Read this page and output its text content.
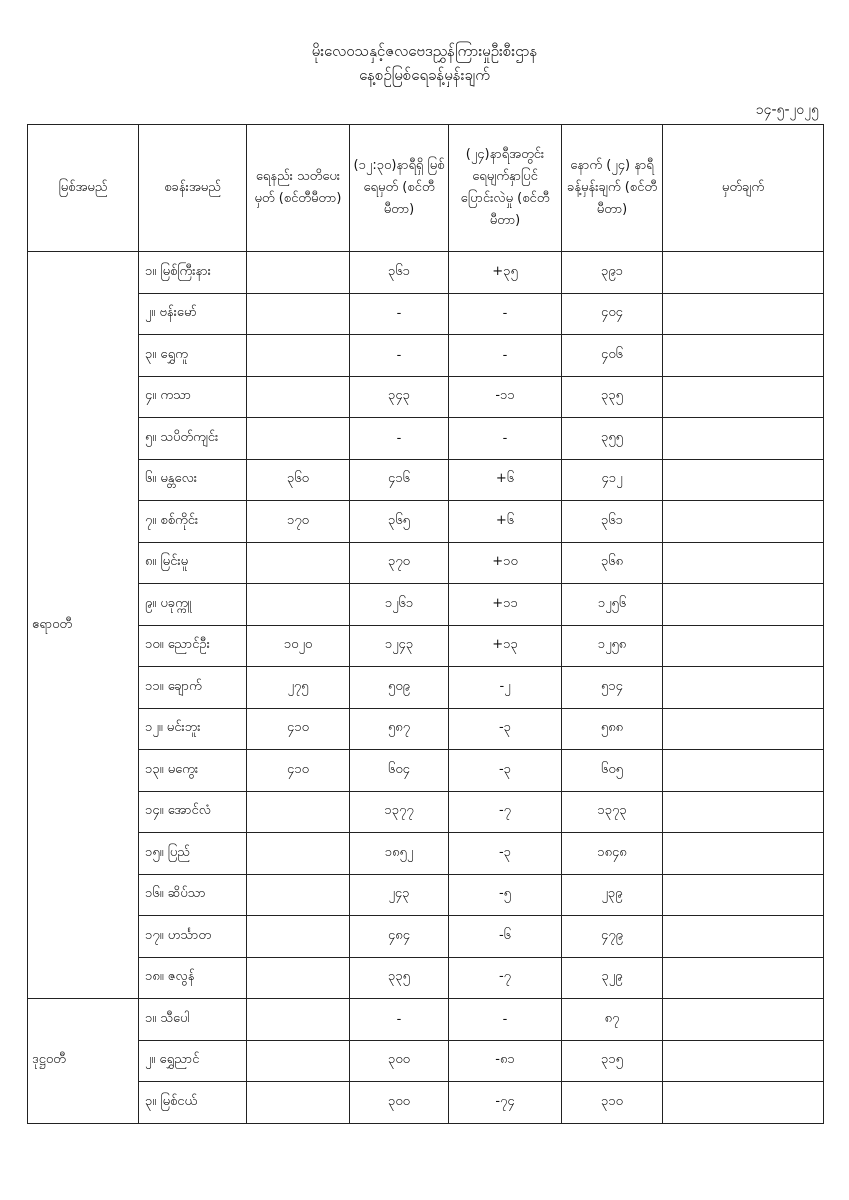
မိုးလေဝသနှင့်ဇလဗေဒညွှန်ကြားမှုဦးစီးဌာန
နေ့စဉ်မြစ်ရေခန့်မှန်းချက်
၁၄-၅-၂၀၂၅
မြစ်အမည်	စခန်းအမည်	ရေနည်း သတိပေးမှတ် (စင်တီမီတာ)	(၁၂:၃၀)နာရီရှိ မြစ်ရေမှတ် (စင်တီမီတာ)	(၂၄)နာရီအတွင်း ရေမျက်နှာပြင် ပြောင်းလဲမှု (စင်တီမီတာ)	နောက် (၂၄) နာရီ ခန့်မှန်းချက် (စင်တီမီတာ)	မှတ်ချက်
ဧရာဝတီ	၁။ မြစ်ကြီးနား		၃၆၁	+၃၅	၃၉၁	
	၂။ ဗန်းမော်		-	-	၄၀၄	
	၃။ ရွှေကူ		-	-	၄၀၆	
	၄။ ကသာ		၃၄၃	-၁၁	၃၃၅	
	၅။ သပိတ်ကျင်း		-	-	၃၅၅	
	၆။ မန္တလေး	၃၆၀	၄၁၆	+၆	၄၁၂	
	၇။ စစ်ကိုင်း	၁၇၀	၃၆၅	+၆	၃၆၁	
	၈။ မြင်းမူ		၃၇၀	+၁၀	၃၆၈	
	၉။ ပခုက္ကူ		၁၂၆၁	+၁၁	၁၂၅၆	
	၁၀။ ညောင်ဦး	၁၀၂၀	၁၂၄၃	+၁၃	၁၂၅၈	
	၁၁။ ချောက်	၂၇၅	၅၀၉	-၂	၅၁၄	
	၁၂။ မင်းဘူး	၄၁၀	၅၈၇	-၃	၅၈၈	
	၁၃။ မကွေး	၄၁၀	၆၀၄	-၃	၆၀၅	
	၁၄။ အောင်လံ		၁၃၇၇	-၇	၁၃၇၃	
	၁၅။ ပြည်		၁၈၅၂	-၃	၁၈၄၈	
	၁၆။ ဆိပ်သာ		၂၄၃	-၅	၂၃၉	
	၁၇။ ဟင်္သာတ		၄၈၄	-၆	၄၇၉	
	၁၈။ ဇလွန်		၃၃၅	-၇	၃၂၉	
ဒုဋ္ဌဝတီ	၁။ သီပေါ		-	-	၈၇	
	၂။ ရွှေညာင်		၃၀၀	-၈၁	၃၁၅	
	၃။ မြစ်ငယ်		၃၀၀	-၇၄	၃၁၀	
